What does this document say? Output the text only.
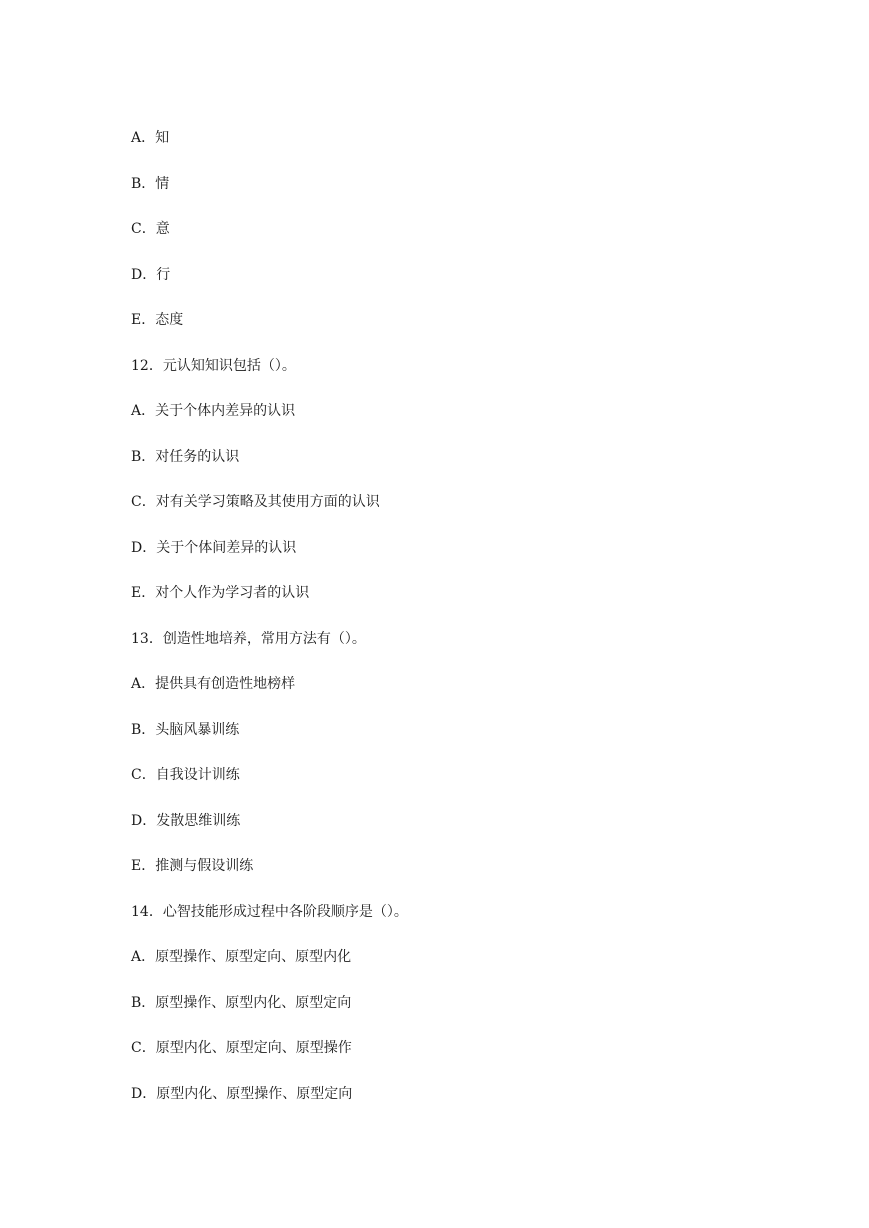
A．知
B．情
C．意
D．行
E．态度
12．元认知知识包括（）。
A．关于个体内差异的认识
B．对任务的认识
C．对有关学习策略及其使用方面的认识
D．关于个体间差异的认识
E．对个人作为学习者的认识
13．创造性地培养，常用方法有（）。
A．提供具有创造性地榜样
B．头脑风暴训练
C．自我设计训练
D．发散思维训练
E．推测与假设训练
14．心智技能形成过程中各阶段顺序是（）。
A．原型操作、原型定向、原型内化
B．原型操作、原型内化、原型定向
C．原型内化、原型定向、原型操作
D．原型内化、原型操作、原型定向
